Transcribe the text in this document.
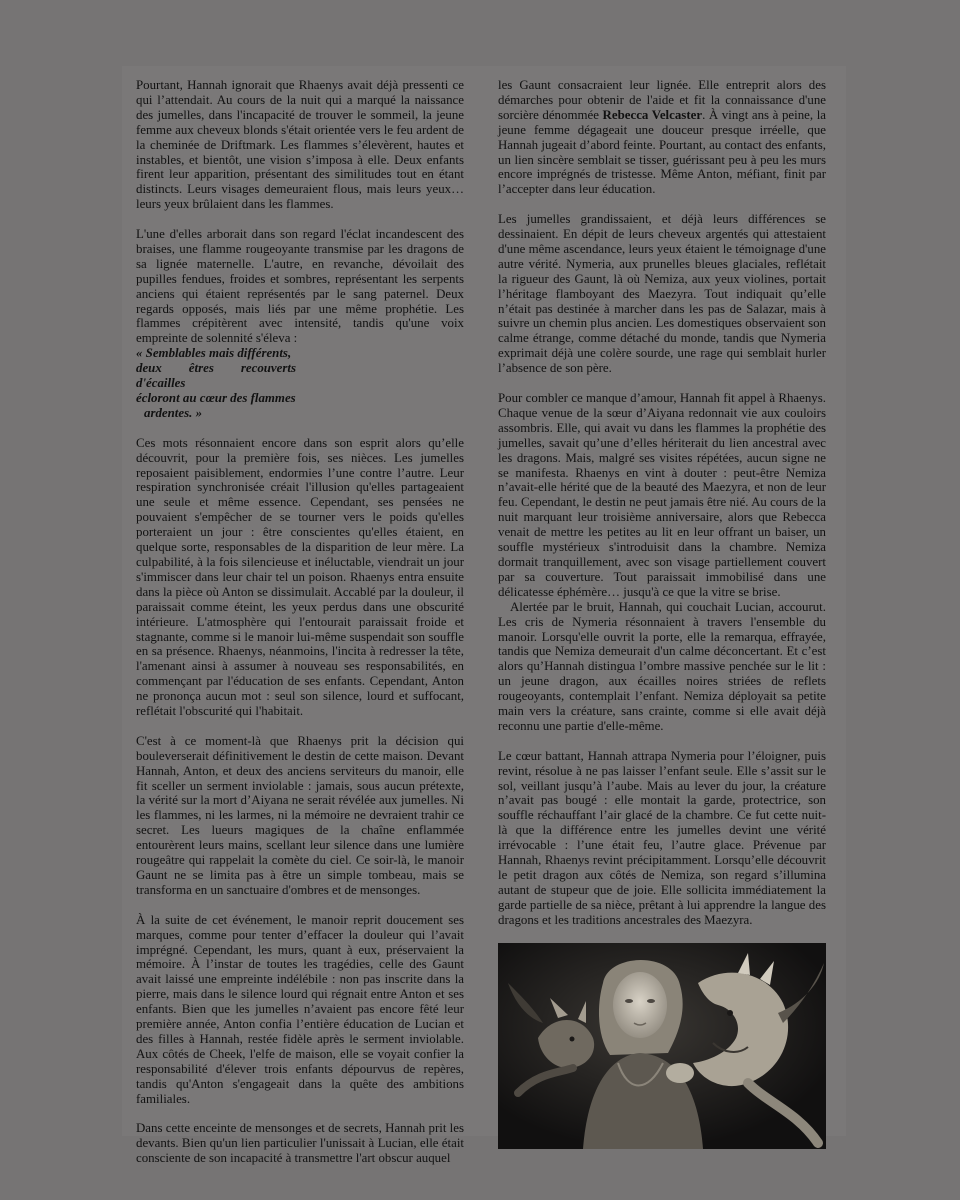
Pourtant, Hannah ignorait que Rhaenys avait déjà pressenti ce qui l’attendait. Au cours de la nuit qui a marqué la naissance des jumelles, dans l'incapacité de trouver le sommeil, la jeune femme aux cheveux blonds s'était orientée vers le feu ardent de la cheminée de Driftmark. Les flammes s’élevèrent, hautes et instables, et bientôt, une vision s’imposa à elle. Deux enfants firent leur apparition, présentant des similitudes tout en étant distincts. Leurs visages demeuraient flous, mais leurs yeux… leurs yeux brûlaient dans les flammes.

L'une d'elles arborait dans son regard l'éclat incandescent des braises, une flamme rougeoyante transmise par les dragons de sa lignée maternelle. L'autre, en revanche, dévoilait des pupilles fendues, froides et sombres, représentant les serpents anciens qui étaient représentés par le sang paternel. Deux regards opposés, mais liés par une même prophétie. Les flammes crépitèrent avec intensité, tandis qu'une voix empreinte de solennité s'éleva :

« Semblables mais différents,
deux êtres recouverts d'écailles
écloront au cœur des flammes
ardentes. »

Ces mots résonnaient encore dans son esprit alors qu’elle découvrit, pour la première fois, ses nièces. Les jumelles reposaient paisiblement, endormies l’une contre l’autre. Leur respiration synchronisée créait l'illusion qu'elles partageaient une seule et même essence. Cependant, ses pensées ne pouvaient s'empêcher de se tourner vers le poids qu'elles porteraient un jour : être conscientes qu'elles étaient, en quelque sorte, responsables de la disparition de leur mère. La culpabilité, à la fois silencieuse et inéluctable, viendrait un jour s'immiscer dans leur chair tel un poison. Rhaenys entra ensuite dans la pièce où Anton se dissimulait. Accablé par la douleur, il paraissait comme éteint, les yeux perdus dans une obscurité intérieure. L'atmosphère qui l'entourait paraissait froide et stagnante, comme si le manoir lui-même suspendait son souffle en sa présence. Rhaenys, néanmoins, l'incita à redresser la tête, l'amenant ainsi à assumer à nouveau ses responsabilités, en commençant par l'éducation de ses enfants. Cependant, Anton ne prononça aucun mot : seul son silence, lourd et suffocant, reflétait l'obscurité qui l'habitait.

C'est à ce moment-là que Rhaenys prit la décision qui bouleverserait définitivement le destin de cette maison. Devant Hannah, Anton, et deux des anciens serviteurs du manoir, elle fit sceller un serment inviolable : jamais, sous aucun prétexte, la vérité sur la mort d’Aiyana ne serait révélée aux jumelles. Ni les flammes, ni les larmes, ni la mémoire ne devraient trahir ce secret. Les lueurs magiques de la chaîne enflammée entourèrent leurs mains, scellant leur silence dans une lumière rougeâtre qui rappelait la comète du ciel. Ce soir-là, le manoir Gaunt ne se limita pas à être un simple tombeau, mais se transforma en un sanctuaire d'ombres et de mensonges.

À la suite de cet événement, le manoir reprit doucement ses marques, comme pour tenter d’effacer la douleur qui l’avait imprégné. Cependant, les murs, quant à eux, préservaient la mémoire. À l’instar de toutes les tragédies, celle des Gaunt avait laissé une empreinte indélébile : non pas inscrite dans la pierre, mais dans le silence lourd qui régnait entre Anton et ses enfants. Bien que les jumelles n’avaient pas encore fêté leur première année, Anton confia l’entière éducation de Lucian et des filles à Hannah, restée fidèle après le serment inviolable. Aux côtés de Cheek, l'elfe de maison, elle se voyait confier la responsabilité d'élever trois enfants dépourvus de repères, tandis qu'Anton s'engageait dans la quête des ambitions familiales.

Dans cette enceinte de mensonges et de secrets, Hannah prit les devants. Bien qu'un lien particulier l'unissait à Lucian, elle était consciente de son incapacité à transmettre l'art obscur auquel

les Gaunt consacraient leur lignée. Elle entreprit alors des démarches pour obtenir de l'aide et fit la connaissance d'une sorcière dénommée Rebecca Velcaster. À vingt ans à peine, la jeune femme dégageait une douceur presque irréelle, que Hannah jugeait d’abord feinte. Pourtant, au contact des enfants, un lien sincère semblait se tisser, guérissant peu à peu les murs encore imprégnés de tristesse. Même Anton, méfiant, finit par l’accepter dans leur éducation.

Les jumelles grandissaient, et déjà leurs différences se dessinaient. En dépit de leurs cheveux argentés qui attestaient d'une même ascendance, leurs yeux étaient le témoignage d'une autre vérité. Nymeria, aux prunelles bleues glaciales, reflétait la rigueur des Gaunt, là où Nemiza, aux yeux violines, portait l’héritage flamboyant des Maezyra. Tout indiquait qu’elle n’était pas destinée à marcher dans les pas de Salazar, mais à suivre un chemin plus ancien. Les domestiques observaient son calme étrange, comme détaché du monde, tandis que Nymeria exprimait déjà une colère sourde, une rage qui semblait hurler l’absence de son père.

Pour combler ce manque d’amour, Hannah fit appel à Rhaenys. Chaque venue de la sœur d’Aiyana redonnait vie aux couloirs assombris. Elle, qui avait vu dans les flammes la prophétie des jumelles, savait qu’une d’elles hériterait du lien ancestral avec les dragons. Mais, malgré ses visites répétées, aucun signe ne se manifesta. Rhaenys en vint à douter : peut-être Nemiza n’avait-elle hérité que de la beauté des Maezyra, et non de leur feu. Cependant, le destin ne peut jamais être nié. Au cours de la nuit marquant leur troisième anniversaire, alors que Rebecca venait de mettre les petites au lit en leur offrant un baiser, un souffle mystérieux s'introduisit dans la chambre. Nemiza dormait tranquillement, avec son visage partiellement couvert par sa couverture. Tout paraissait immobilisé dans une délicatesse éphémère… jusqu'à ce que la vitre se brise.

Alertée par le bruit, Hannah, qui couchait Lucian, accourut. Les cris de Nymeria résonnaient à travers l'ensemble du manoir. Lorsqu'elle ouvrit la porte, elle la remarqua, effrayée, tandis que Nemiza demeurait d'un calme déconcertant. Et c’est alors qu’Hannah distingua l’ombre massive penchée sur le lit : un jeune dragon, aux écailles noires striées de reflets rougeoyants, contemplait l’enfant. Nemiza déployait sa petite main vers la créature, sans crainte, comme si elle avait déjà reconnu une partie d'elle-même.

Le cœur battant, Hannah attrapa Nymeria pour l’éloigner, puis revint, résolue à ne pas laisser l’enfant seule. Elle s’assit sur le sol, veillant jusqu’à l’aube. Mais au lever du jour, la créature n’avait pas bougé : elle montait la garde, protectrice, son souffle réchauffant l’air glacé de la chambre. Ce fut cette nuit-là que la différence entre les jumelles devint une vérité irrévocable : l’une était feu, l’autre glace. Prévenue par Hannah, Rhaenys revint précipitamment. Lorsqu’elle découvrit le petit dragon aux côtés de Nemiza, son regard s’illumina autant de stupeur que de joie. Elle sollicita immédiatement la garde partielle de sa nièce, prêtant à lui apprendre la langue des dragons et les traditions ancestrales des Maezyra.
